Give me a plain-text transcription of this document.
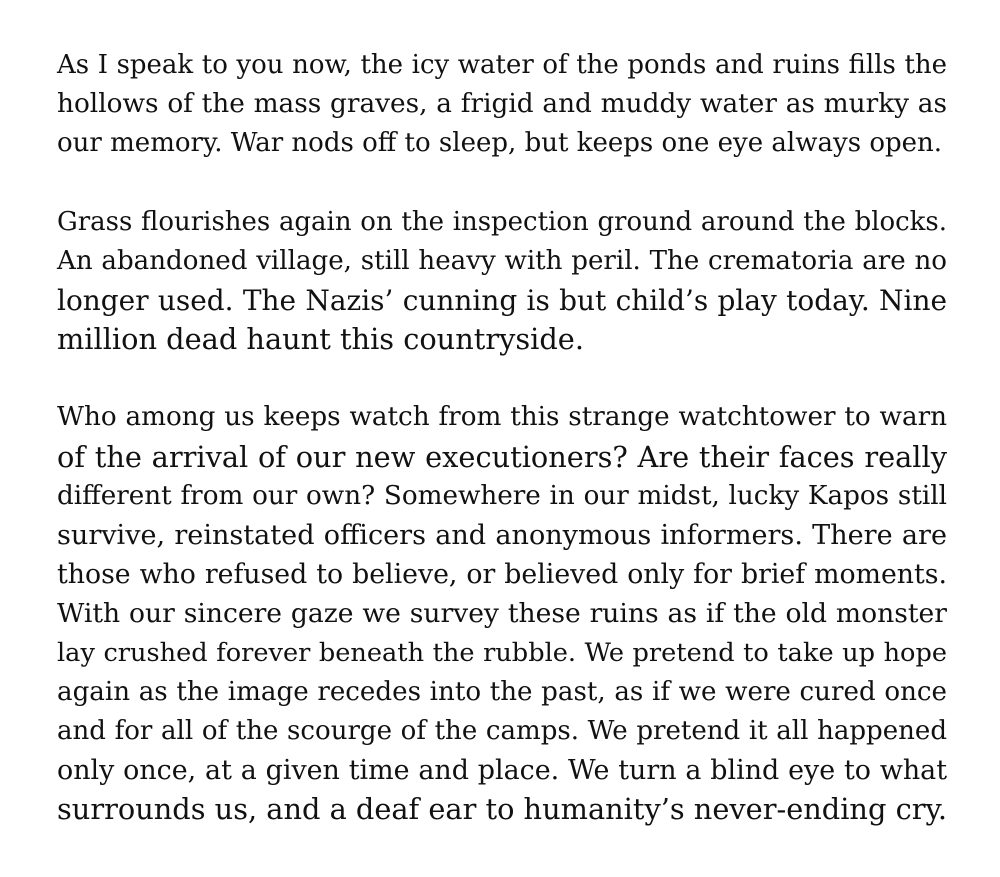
As I speak to you now, the icy water of the ponds and ruins fills the
hollows of the mass graves, a frigid and muddy water as murky as
our memory. War nods off to sleep, but keeps one eye always open.
Grass flourishes again on the inspection ground around the blocks.
An abandoned village, still heavy with peril. The crematoria are no
longer used. The Nazis’ cunning is but child’s play today. Nine
million dead haunt this countryside.
Who among us keeps watch from this strange watchtower to warn
of the arrival of our new executioners? Are their faces really
different from our own? Somewhere in our midst, lucky Kapos still
survive, reinstated officers and anonymous informers. There are
those who refused to believe, or believed only for brief moments.
With our sincere gaze we survey these ruins as if the old monster
lay crushed forever beneath the rubble. We pretend to take up hope
again as the image recedes into the past, as if we were cured once
and for all of the scourge of the camps. We pretend it all happened
only once, at a given time and place. We turn a blind eye to what
surrounds us, and a deaf ear to humanity’s never-ending cry.
